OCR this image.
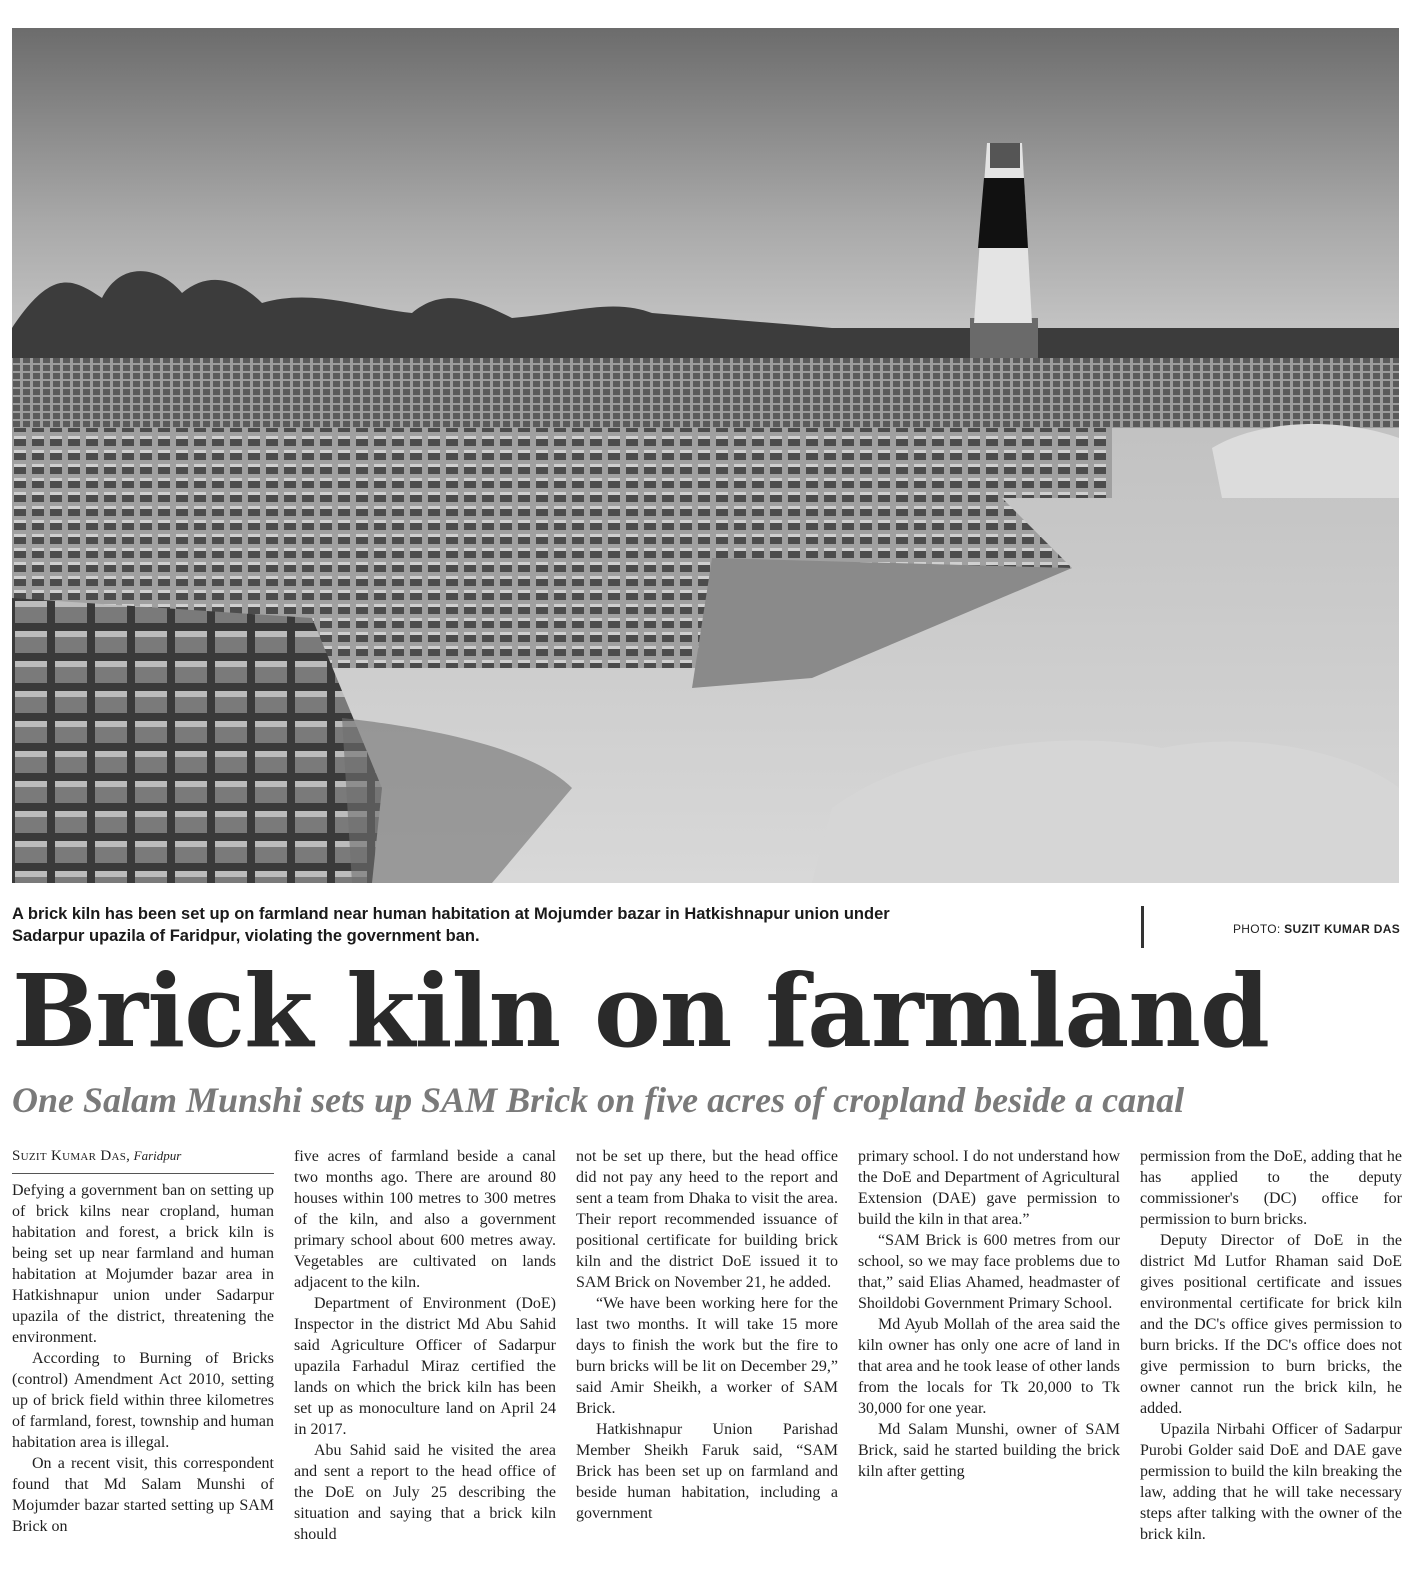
A brick kiln has been set up on farmland near human habitation at Mojumder bazar in Hatkishnapur union under Sadarpur upazila of Faridpur, violating the government ban.	PHOTO: SUZIT KUMAR DAS
Brick kiln on farmland
One Salam Munshi sets up SAM Brick on five acres of cropland beside a canal
Suzit Kumar Das, Faridpur

Defying a government ban on setting up of brick kilns near cropland, human habitation and forest, a brick kiln is being set up near farmland and human habitation at Mojumder bazar area in Hatkishnapur union under Sadarpur upazila of the district, threatening the environment.

According to Burning of Bricks (control) Amendment Act 2010, setting up of brick field within three kilometres of farmland, forest, township and human habitation area is illegal.

On a recent visit, this correspondent found that Md Salam Munshi of Mojumder bazar started setting up SAM Brick on

five acres of farmland beside a canal two months ago. There are around 80 houses within 100 metres to 300 metres of the kiln, and also a government primary school about 600 metres away. Vegetables are cultivated on lands adjacent to the kiln.

Department of Environment (DoE) Inspector in the district Md Abu Sahid said Agriculture Officer of Sadarpur upazila Farhadul Miraz certified the lands on which the brick kiln has been set up as monoculture land on April 24 in 2017.

Abu Sahid said he visited the area and sent a report to the head office of the DoE on July 25 describing the situation and saying that a brick kiln should

not be set up there, but the head office did not pay any heed to the report and sent a team from Dhaka to visit the area. Their report recommended issuance of positional certificate for building brick kiln and the district DoE issued it to SAM Brick on November 21, he added.

“We have been working here for the last two months. It will take 15 more days to finish the work but the fire to burn bricks will be lit on December 29,” said Amir Sheikh, a worker of SAM Brick.

Hatkishnapur Union Parishad Member Sheikh Faruk said, “SAM Brick has been set up on farmland and beside human habitation, including a government

primary school. I do not understand how the DoE and Department of Agricultural Extension (DAE) gave permission to build the kiln in that area.”

“SAM Brick is 600 metres from our school, so we may face problems due to that,” said Elias Ahamed, headmaster of Shoildobi Government Primary School.

Md Ayub Mollah of the area said the kiln owner has only one acre of land in that area and he took lease of other lands from the locals for Tk 20,000 to Tk 30,000 for one year.

Md Salam Munshi, owner of SAM Brick, said he started building the brick kiln after getting

permission from the DoE, adding that he has applied to the deputy commissioner's (DC) office for permission to burn bricks.

Deputy Director of DoE in the district Md Lutfor Rhaman said DoE gives positional certificate and issues environmental certificate for brick kiln and the DC's office gives permission to burn bricks. If the DC's office does not give permission to burn bricks, the owner cannot run the brick kiln, he added.

Upazila Nirbahi Officer of Sadarpur Purobi Golder said DoE and DAE gave permission to build the kiln breaking the law, adding that he will take necessary steps after talking with the owner of the brick kiln.
